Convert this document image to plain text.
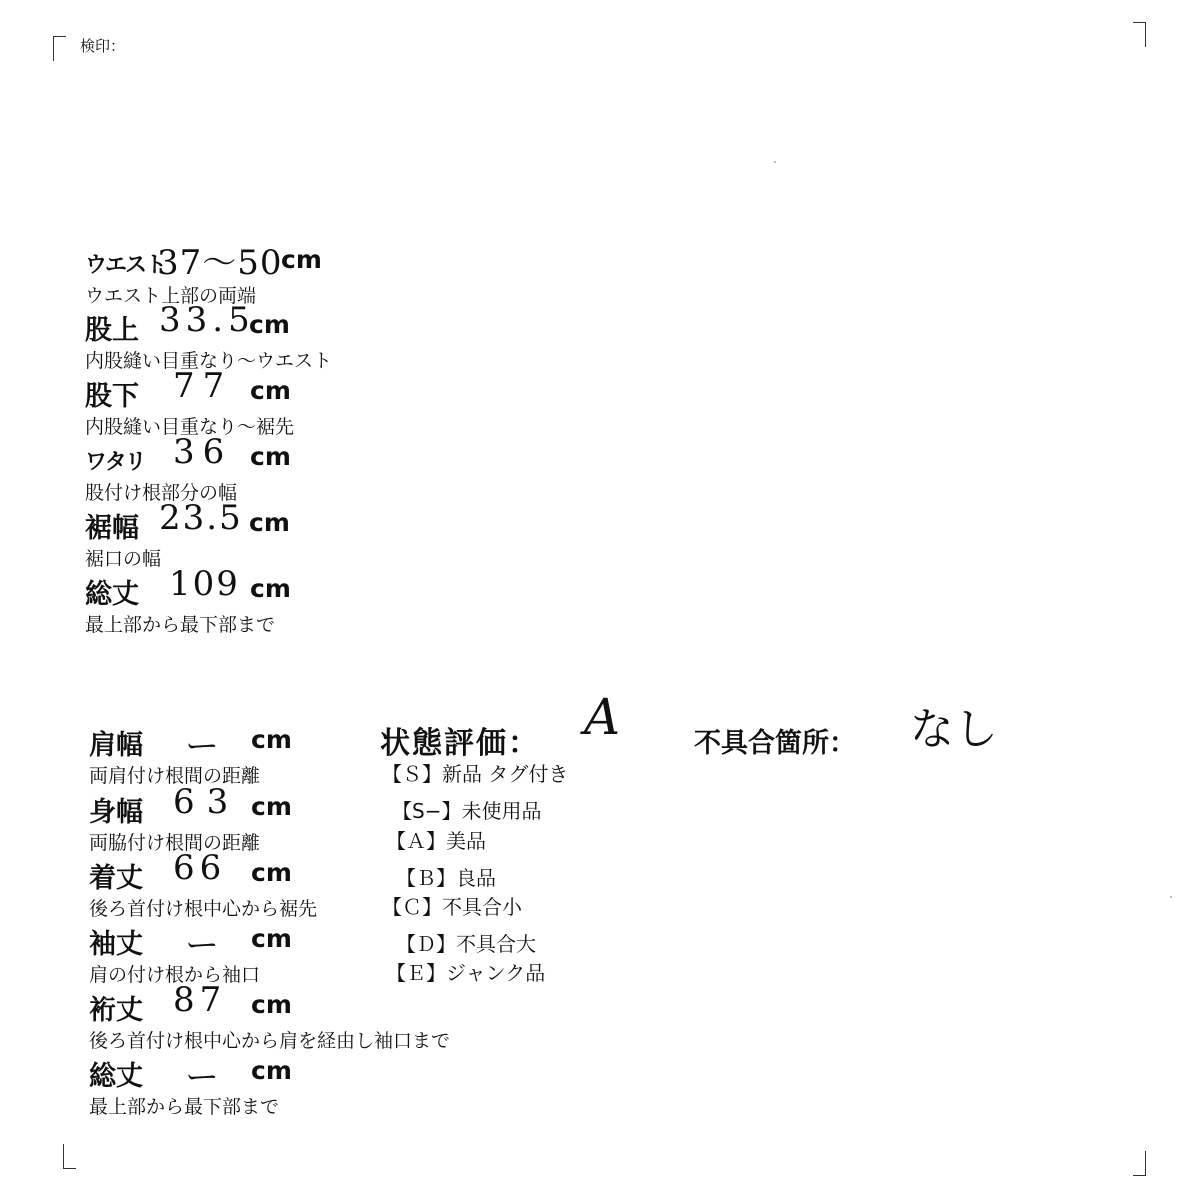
検印：
ウエスト
37〜50
cm
ウエスト上部の両端
股上 33.5
cm
内股縫い目重なり〜ウエスト
股下 77 cm
内股縫い目重なり〜裾先
ワタリ 36 cm
股付け根部分の幅
裾幅 23.5 cm
裾口の幅
総丈 109 cm
最上部から最下部まで
肩幅 ー cm
両肩付け根間の距離
身幅 63 cm
両脇付け根間の距離
着丈 66 cm
後ろ首付け根中心から裾先
袖丈 ー cm
肩の付け根から袖口
裄丈 87 cm
後ろ首付け根中心から肩を経由し袖口まで
総丈 ー cm
最上部から最下部まで
状態評価： A	不具合箇所： なし
【Ｓ】新品 タグ付き
【S−】未使用品
【Ａ】美品
【Ｂ】良品
【Ｃ】不具合小
【Ｄ】不具合大
【Ｅ】ジャンク品
